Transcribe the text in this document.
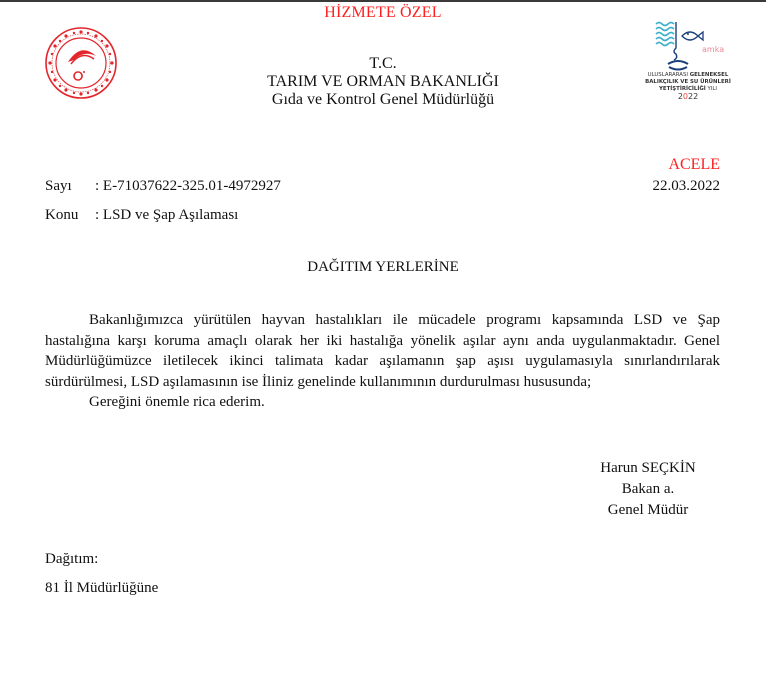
HİZMETE ÖZEL
amka
ULUSLARARASI GELENEKSEL
BALIKÇILIK VE SU ÜRÜNLERİ
YETİŞTİRİCİLİĞİ YILI
2022
T.C.
TARIM VE ORMAN BAKANLIĞI
Gıda ve Kontrol Genel Müdürlüğü
ACELE
22.03.2022
Sayı : E-71037622-325.01-4972927
Konu : LSD ve Şap Aşılaması
DAĞITIM YERLERİNE

Bakanlığımızca yürütülen hayvan hastalıkları ile mücadele programı kapsamında LSD ve Şap hastalığına karşı koruma amaçlı olarak her iki hastalığa yönelik aşılar aynı anda uygulanmaktadır. Genel Müdürlüğümüzce iletilecek ikinci talimata kadar aşılamanın şap aşısı uygulamasıyla sınırlandırılarak sürdürülmesi, LSD aşılamasının ise İliniz genelinde kullanımının durdurulması hususunda;

Gereğini önemle rica ederim.

Harun SEÇKİN
Bakan a.
Genel Müdür
Dağıtım:
81 İl Müdürlüğüne
